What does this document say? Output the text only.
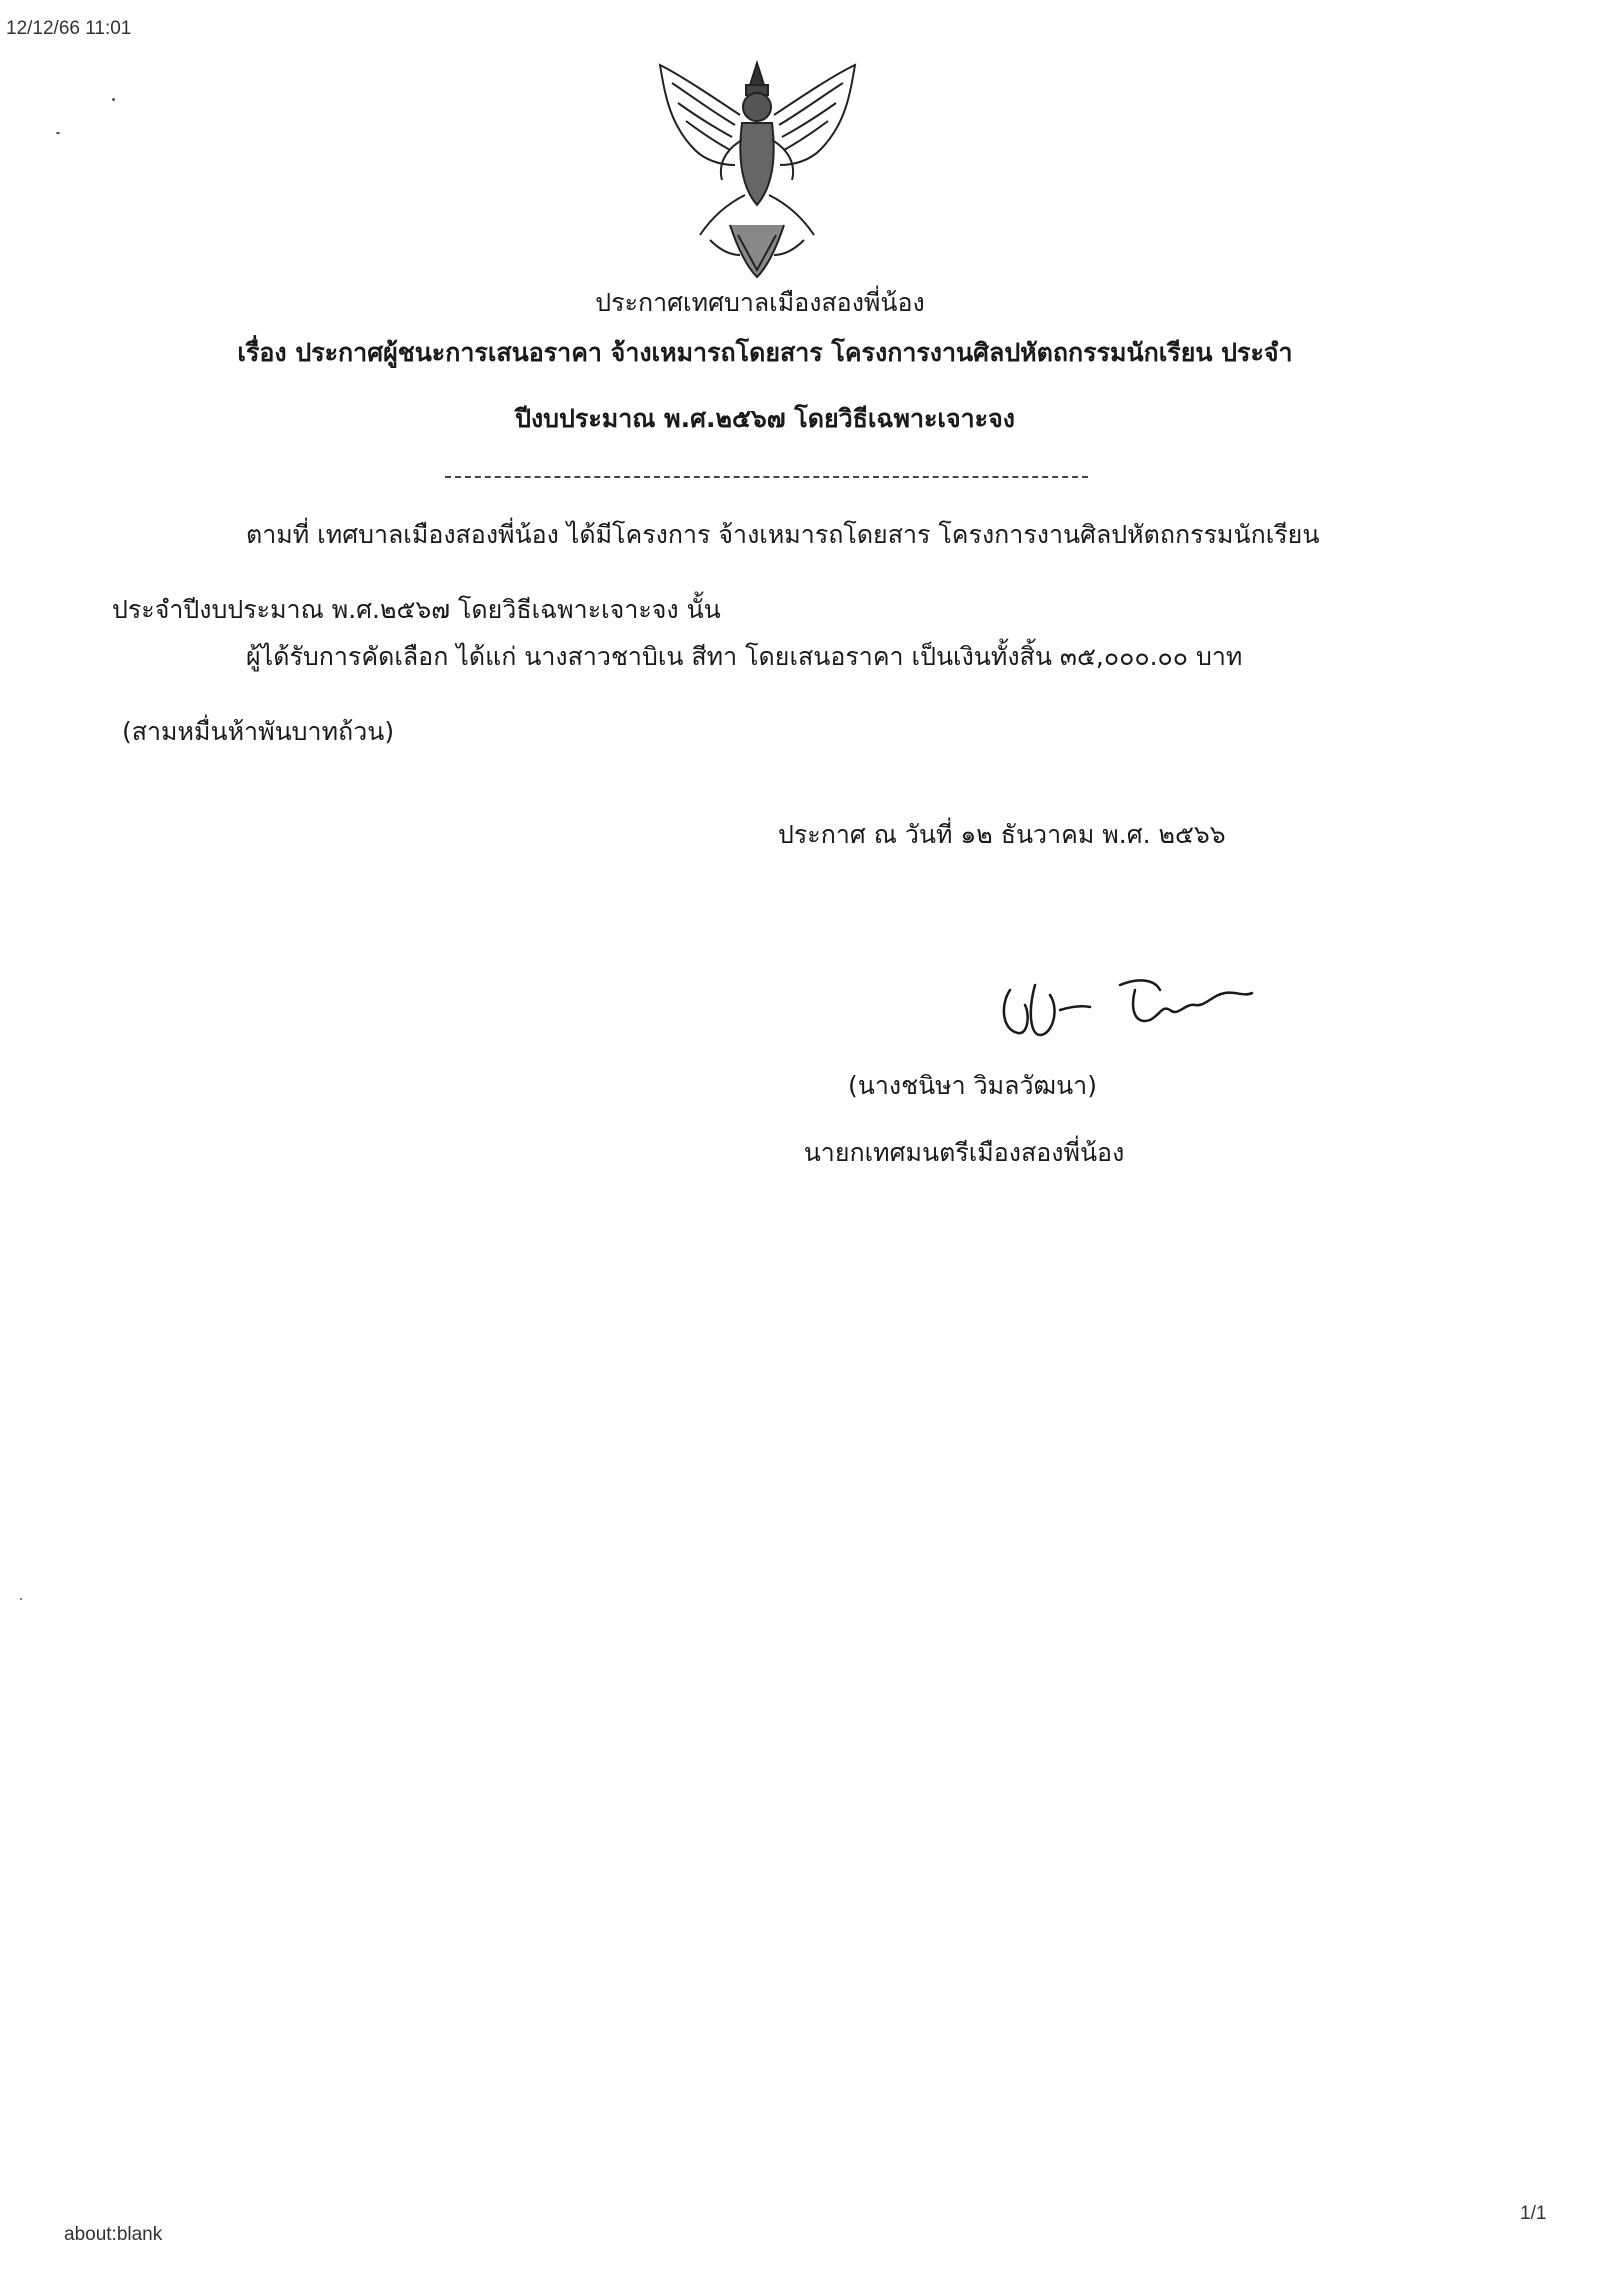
12/12/66 11:01
ประกาศเทศบาลเมืองสองพี่น้อง
เรื่อง ประกาศผู้ชนะการเสนอราคา จ้างเหมารถโดยสาร โครงการงานศิลปหัตถกรรมนักเรียน ประจำ
ปีงบประมาณ พ.ศ.๒๕๖๗ โดยวิธีเฉพาะเจาะจง
ตามที่ เทศบาลเมืองสองพี่น้อง ได้มีโครงการ จ้างเหมารถโดยสาร โครงการงานศิลปหัตถกรรมนักเรียน
ประจำปีงบประมาณ พ.ศ.๒๕๖๗ โดยวิธีเฉพาะเจาะจง นั้น
ผู้ได้รับการคัดเลือก ได้แก่ นางสาวชาบิเน สีทา โดยเสนอราคา เป็นเงินทั้งสิ้น ๓๕,๐๐๐.๐๐ บาท
(สามหมื่นห้าพันบาทถ้วน)
ประกาศ ณ วันที่ ๑๒ ธันวาคม พ.ศ. ๒๕๖๖
(นางชนิษา วิมลวัฒนา)
นายกเทศมนตรีเมืองสองพี่น้อง
about:blank
1/1
